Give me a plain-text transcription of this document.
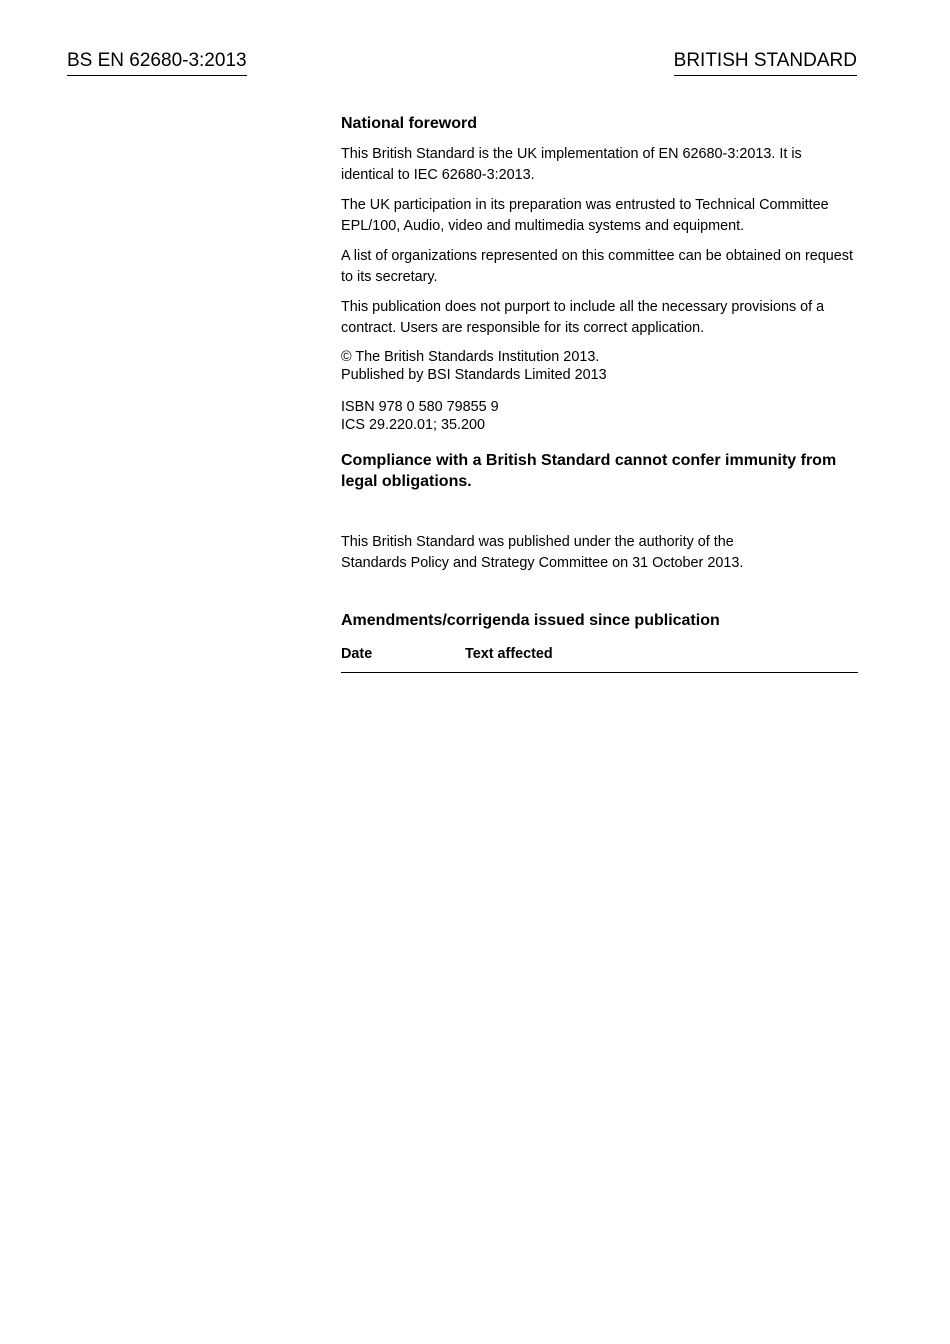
BS EN 62680-3:2013	BRITISH STANDARD
National foreword
This British Standard is the UK implementation of EN 62680-3:2013. It is identical to IEC 62680-3:2013.
The UK participation in its preparation was entrusted to Technical Committee EPL/100, Audio, video and multimedia systems and equipment.
A list of organizations represented on this committee can be obtained on request to its secretary.
This publication does not purport to include all the necessary provisions of a contract. Users are responsible for its correct application.
© The British Standards Institution 2013.
Published by BSI Standards Limited 2013
ISBN 978 0 580 79855 9
ICS 29.220.01; 35.200
Compliance with a British Standard cannot confer immunity from legal obligations.
This British Standard was published under the authority of the
Standards Policy and Strategy Committee on 31 October 2013.
Amendments/corrigenda issued since publication
Date	Text affected
